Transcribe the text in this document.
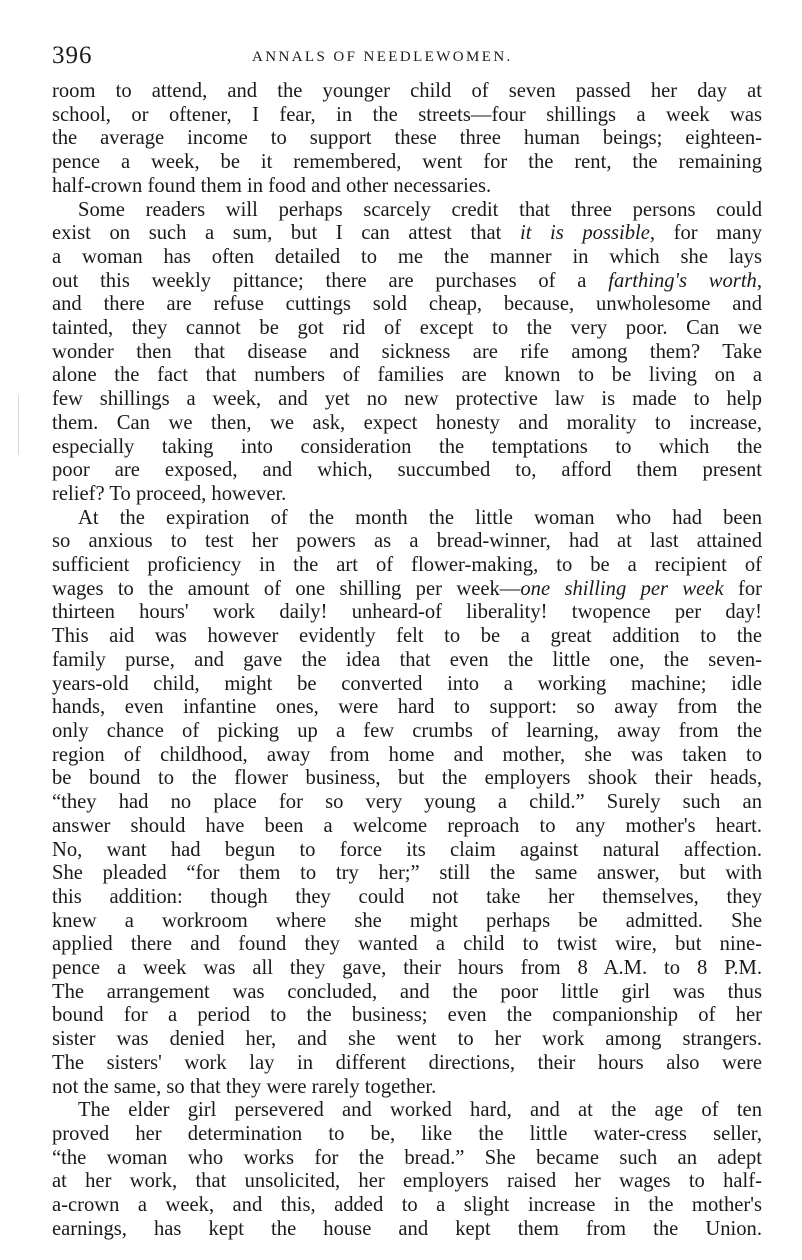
396	ANNALS OF NEEDLEWOMEN.
room to attend, and the younger child of seven passed her day at
school, or oftener, I fear, in the streets—four shillings a week was
the average income to support these three human beings; eighteen-
pence a week, be it remembered, went for the rent, the remaining
half-crown found them in food and other necessaries.
Some readers will perhaps scarcely credit that three persons could
exist on such a sum, but I can attest that it is possible, for many
a woman has often detailed to me the manner in which she lays
out this weekly pittance; there are purchases of a farthing's worth,
and there are refuse cuttings sold cheap, because, unwholesome and
tainted, they cannot be got rid of except to the very poor. Can we
wonder then that disease and sickness are rife among them? Take
alone the fact that numbers of families are known to be living on a
few shillings a week, and yet no new protective law is made to help
them. Can we then, we ask, expect honesty and morality to increase,
especially taking into consideration the temptations to which the
poor are exposed, and which, succumbed to, afford them present
relief? To proceed, however.
At the expiration of the month the little woman who had been
so anxious to test her powers as a bread-winner, had at last attained
sufficient proficiency in the art of flower-making, to be a recipient of
wages to the amount of one shilling per week—one shilling per week for
thirteen hours' work daily! unheard-of liberality! twopence per day!
This aid was however evidently felt to be a great addition to the
family purse, and gave the idea that even the little one, the seven-
years-old child, might be converted into a working machine; idle
hands, even infantine ones, were hard to support: so away from the
only chance of picking up a few crumbs of learning, away from the
region of childhood, away from home and mother, she was taken to
be bound to the flower business, but the employers shook their heads,
“they had no place for so very young a child.” Surely such an
answer should have been a welcome reproach to any mother's heart.
No, want had begun to force its claim against natural affection.
She pleaded “for them to try her;” still the same answer, but with
this addition: though they could not take her themselves, they
knew a workroom where she might perhaps be admitted. She
applied there and found they wanted a child to twist wire, but nine-
pence a week was all they gave, their hours from 8 A.M. to 8 P.M.
The arrangement was concluded, and the poor little girl was thus
bound for a period to the business; even the companionship of her
sister was denied her, and she went to her work among strangers.
The sisters' work lay in different directions, their hours also were
not the same, so that they were rarely together.
The elder girl persevered and worked hard, and at the age of ten
proved her determination to be, like the little water-cress seller,
“the woman who works for the bread.” She became such an adept
at her work, that unsolicited, her employers raised her wages to half-
a-crown a week, and this, added to a slight increase in the mother's
earnings, has kept the house and kept them from the Union.
